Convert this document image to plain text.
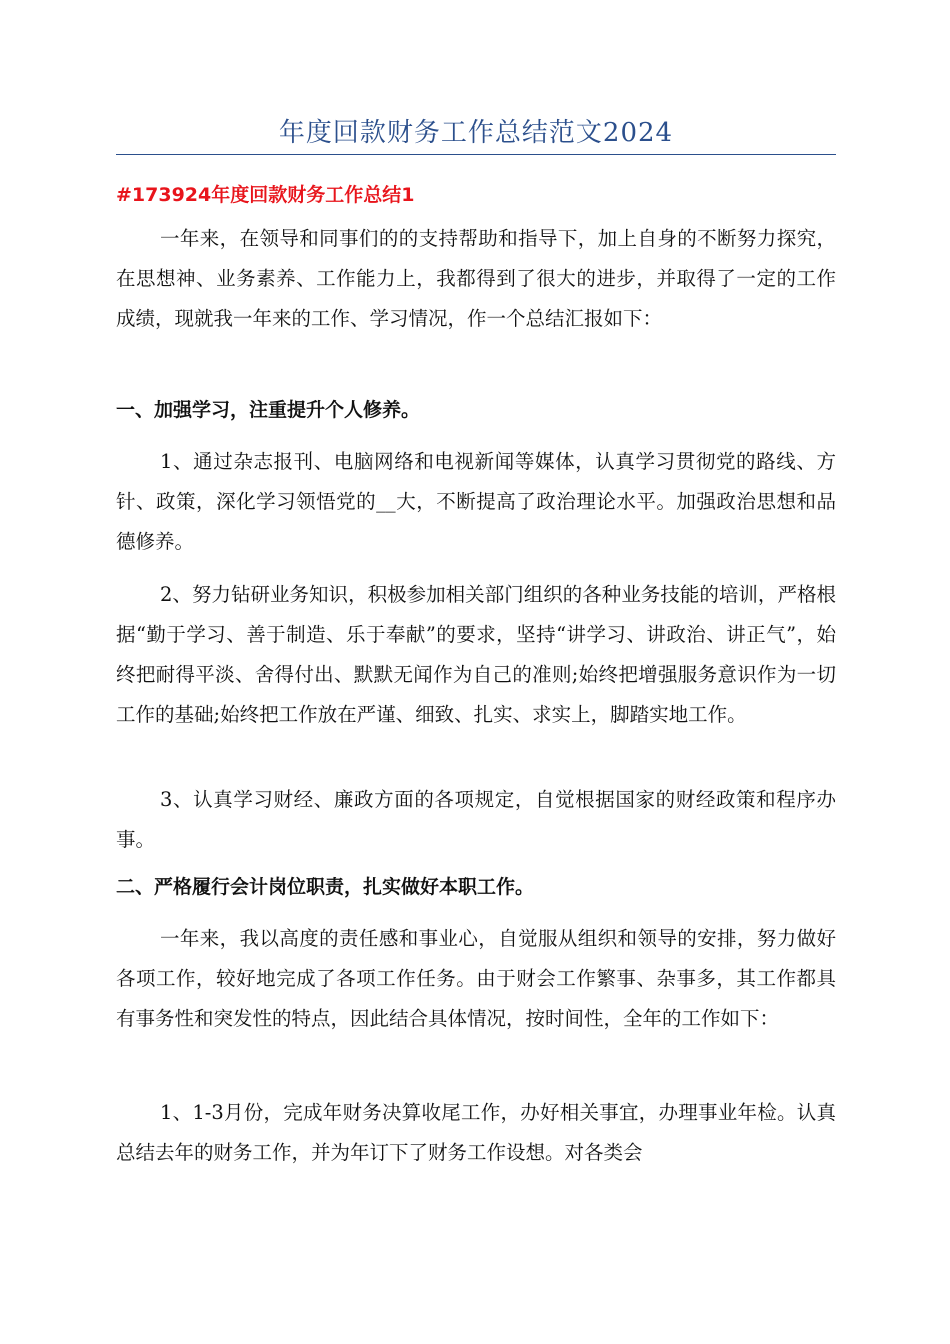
年度回款财务工作总结范文2024
#173924年度回款财务工作总结1

一年来，在领导和同事们的的支持帮助和指导下，加上自身的不断努力探究，在思想神、业务素养、工作能力上，我都得到了很大的进步，并取得了一定的工作成绩，现就我一年来的工作、学习情况，作一个总结汇报如下：

一、加强学习，注重提升个人修养。

1、通过杂志报刊、电脑网络和电视新闻等媒体，认真学习贯彻党的路线、方针、政策，深化学习领悟党的__大，不断提高了政治理论水平。加强政治思想和品德修养。

2、努力钻研业务知识，积极参加相关部门组织的各种业务技能的培训，严格根据“勤于学习、善于制造、乐于奉献”的要求，坚持“讲学习、讲政治、讲正气”，始终把耐得平淡、舍得付出、默默无闻作为自己的准则;始终把增强服务意识作为一切工作的基础;始终把工作放在严谨、细致、扎实、求实上，脚踏实地工作。

3、认真学习财经、廉政方面的各项规定，自觉根据国家的财经政策和程序办事。

二、严格履行会计岗位职责，扎实做好本职工作。

一年来，我以高度的责任感和事业心，自觉服从组织和领导的安排，努力做好各项工作，较好地完成了各项工作任务。由于财会工作繁事、杂事多，其工作都具有事务性和突发性的特点，因此结合具体情况，按时间性，全年的工作如下：

1、1-3月份，完成年财务决算收尾工作，办好相关事宜，办理事业年检。认真总结去年的财务工作，并为年订下了财务工作设想。对各类会
